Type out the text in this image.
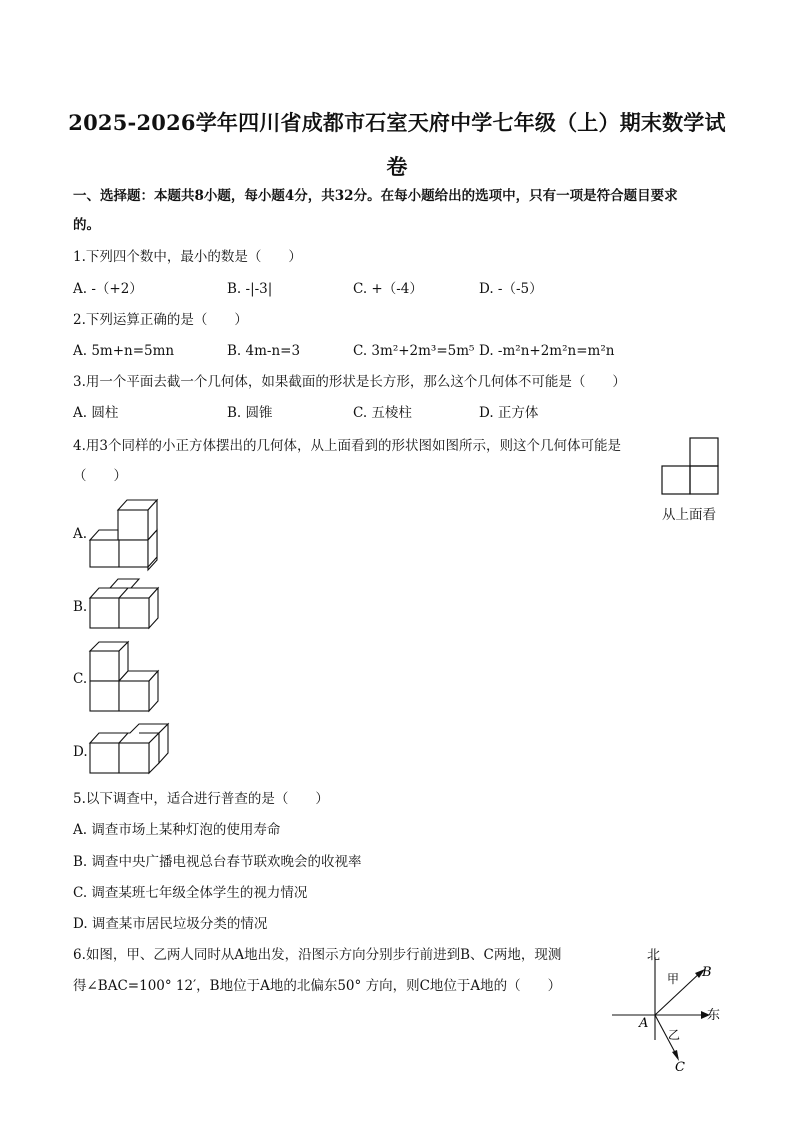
2025-2026学年四川省成都市石室天府中学七年级（上）期末数学试
卷
一、选择题：本题共8小题，每小题4分，共32分。在每小题给出的选项中，只有一项是符合题目要求
的。
1.下列四个数中，最小的数是（　　）
A. -（+2）	B. -|-3|	C. +（-4）	D. -（-5）
2.下列运算正确的是（　　）
A. 5m+n=5mn	B. 4m-n=3	C. 3m²+2m³=5m⁵ D. -m²n+2m²n=m²n
3.用一个平面去截一个几何体，如果截面的形状是长方形，那么这个几何体不可能是（　　）
A. 圆柱	B. 圆锥	C. 五棱柱	D. 正方体
4.用3个同样的小正方体摆出的几何体，从上面看到的形状图如图所示，则这个几何体可能是
（　　）
从上面看
A.
B.
C.
D.
5.以下调查中，适合进行普查的是（　　）
A. 调查市场上某种灯泡的使用寿命
B. 调查中央广播电视总台春节联欢晚会的收视率
C. 调查某班七年级全体学生的视力情况
D. 调查某市居民垃圾分类的情况
6.如图，甲、乙两人同时从A地出发，沿图示方向分别步行前进到B、C两地，现测
得∠BAC=100° 12′，B地位于A地的北偏东50° 方向，则C地位于A地的（　　）
北
东
A
B
C
甲
乙
